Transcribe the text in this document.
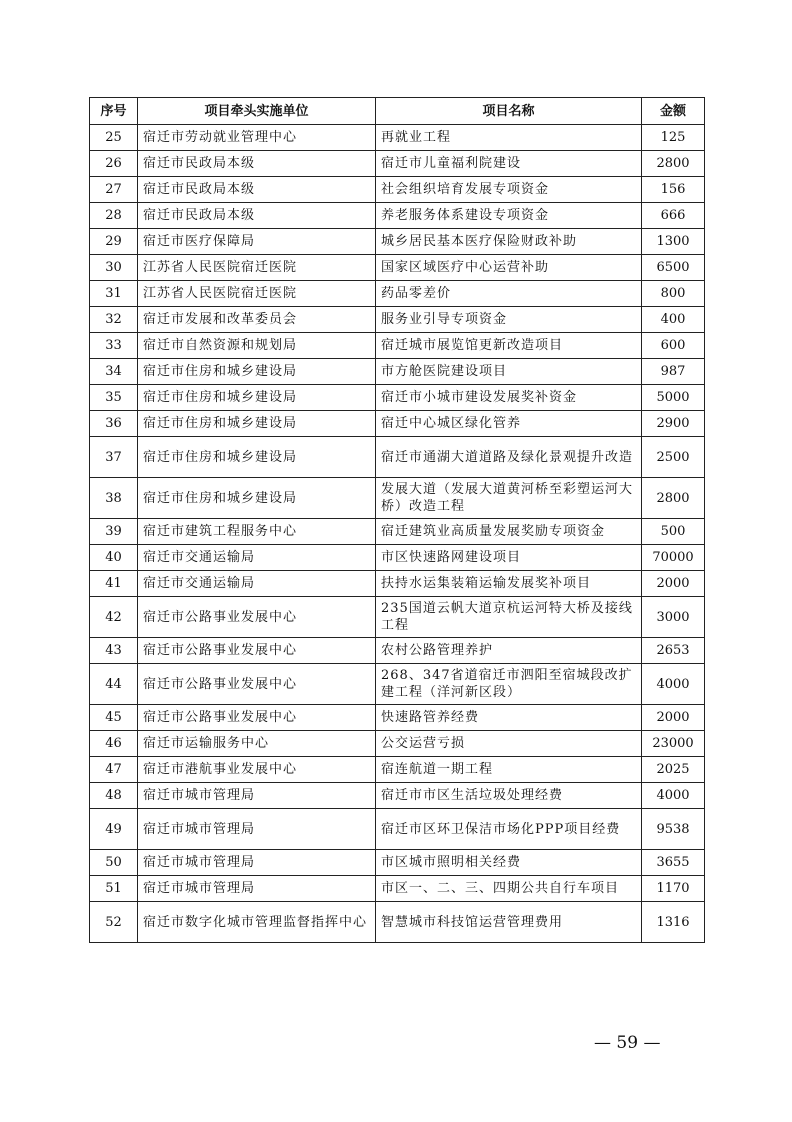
序号	项目牵头实施单位	项目名称	金额
25	宿迁市劳动就业管理中心	再就业工程	125
26	宿迁市民政局本级	宿迁市儿童福利院建设	2800
27	宿迁市民政局本级	社会组织培育发展专项资金	156
28	宿迁市民政局本级	养老服务体系建设专项资金	666
29	宿迁市医疗保障局	城乡居民基本医疗保险财政补助	1300
30	江苏省人民医院宿迁医院	国家区域医疗中心运营补助	6500
31	江苏省人民医院宿迁医院	药品零差价	800
32	宿迁市发展和改革委员会	服务业引导专项资金	400
33	宿迁市自然资源和规划局	宿迁城市展览馆更新改造项目	600
34	宿迁市住房和城乡建设局	市方舱医院建设项目	987
35	宿迁市住房和城乡建设局	宿迁市小城市建设发展奖补资金	5000
36	宿迁市住房和城乡建设局	宿迁中心城区绿化管养	2900
37	宿迁市住房和城乡建设局	宿迁市通湖大道道路及绿化景观提升改造	2500
38	宿迁市住房和城乡建设局	发展大道（发展大道黄河桥至彩塑运河大桥）改造工程	2800
39	宿迁市建筑工程服务中心	宿迁建筑业高质量发展奖励专项资金	500
40	宿迁市交通运输局	市区快速路网建设项目	70000
41	宿迁市交通运输局	扶持水运集装箱运输发展奖补项目	2000
42	宿迁市公路事业发展中心	235国道云帆大道京杭运河特大桥及接线工程	3000
43	宿迁市公路事业发展中心	农村公路管理养护	2653
44	宿迁市公路事业发展中心	268、347省道宿迁市泗阳至宿城段改扩建工程（洋河新区段）	4000
45	宿迁市公路事业发展中心	快速路管养经费	2000
46	宿迁市运输服务中心	公交运营亏损	23000
47	宿迁市港航事业发展中心	宿连航道一期工程	2025
48	宿迁市城市管理局	宿迁市市区生活垃圾处理经费	4000
49	宿迁市城市管理局	宿迁市区环卫保洁市场化PPP项目经费	9538
50	宿迁市城市管理局	市区城市照明相关经费	3655
51	宿迁市城市管理局	市区一、二、三、四期公共自行车项目	1170
52	宿迁市数字化城市管理监督指挥中心	智慧城市科技馆运营管理费用	1316
— 59 —
